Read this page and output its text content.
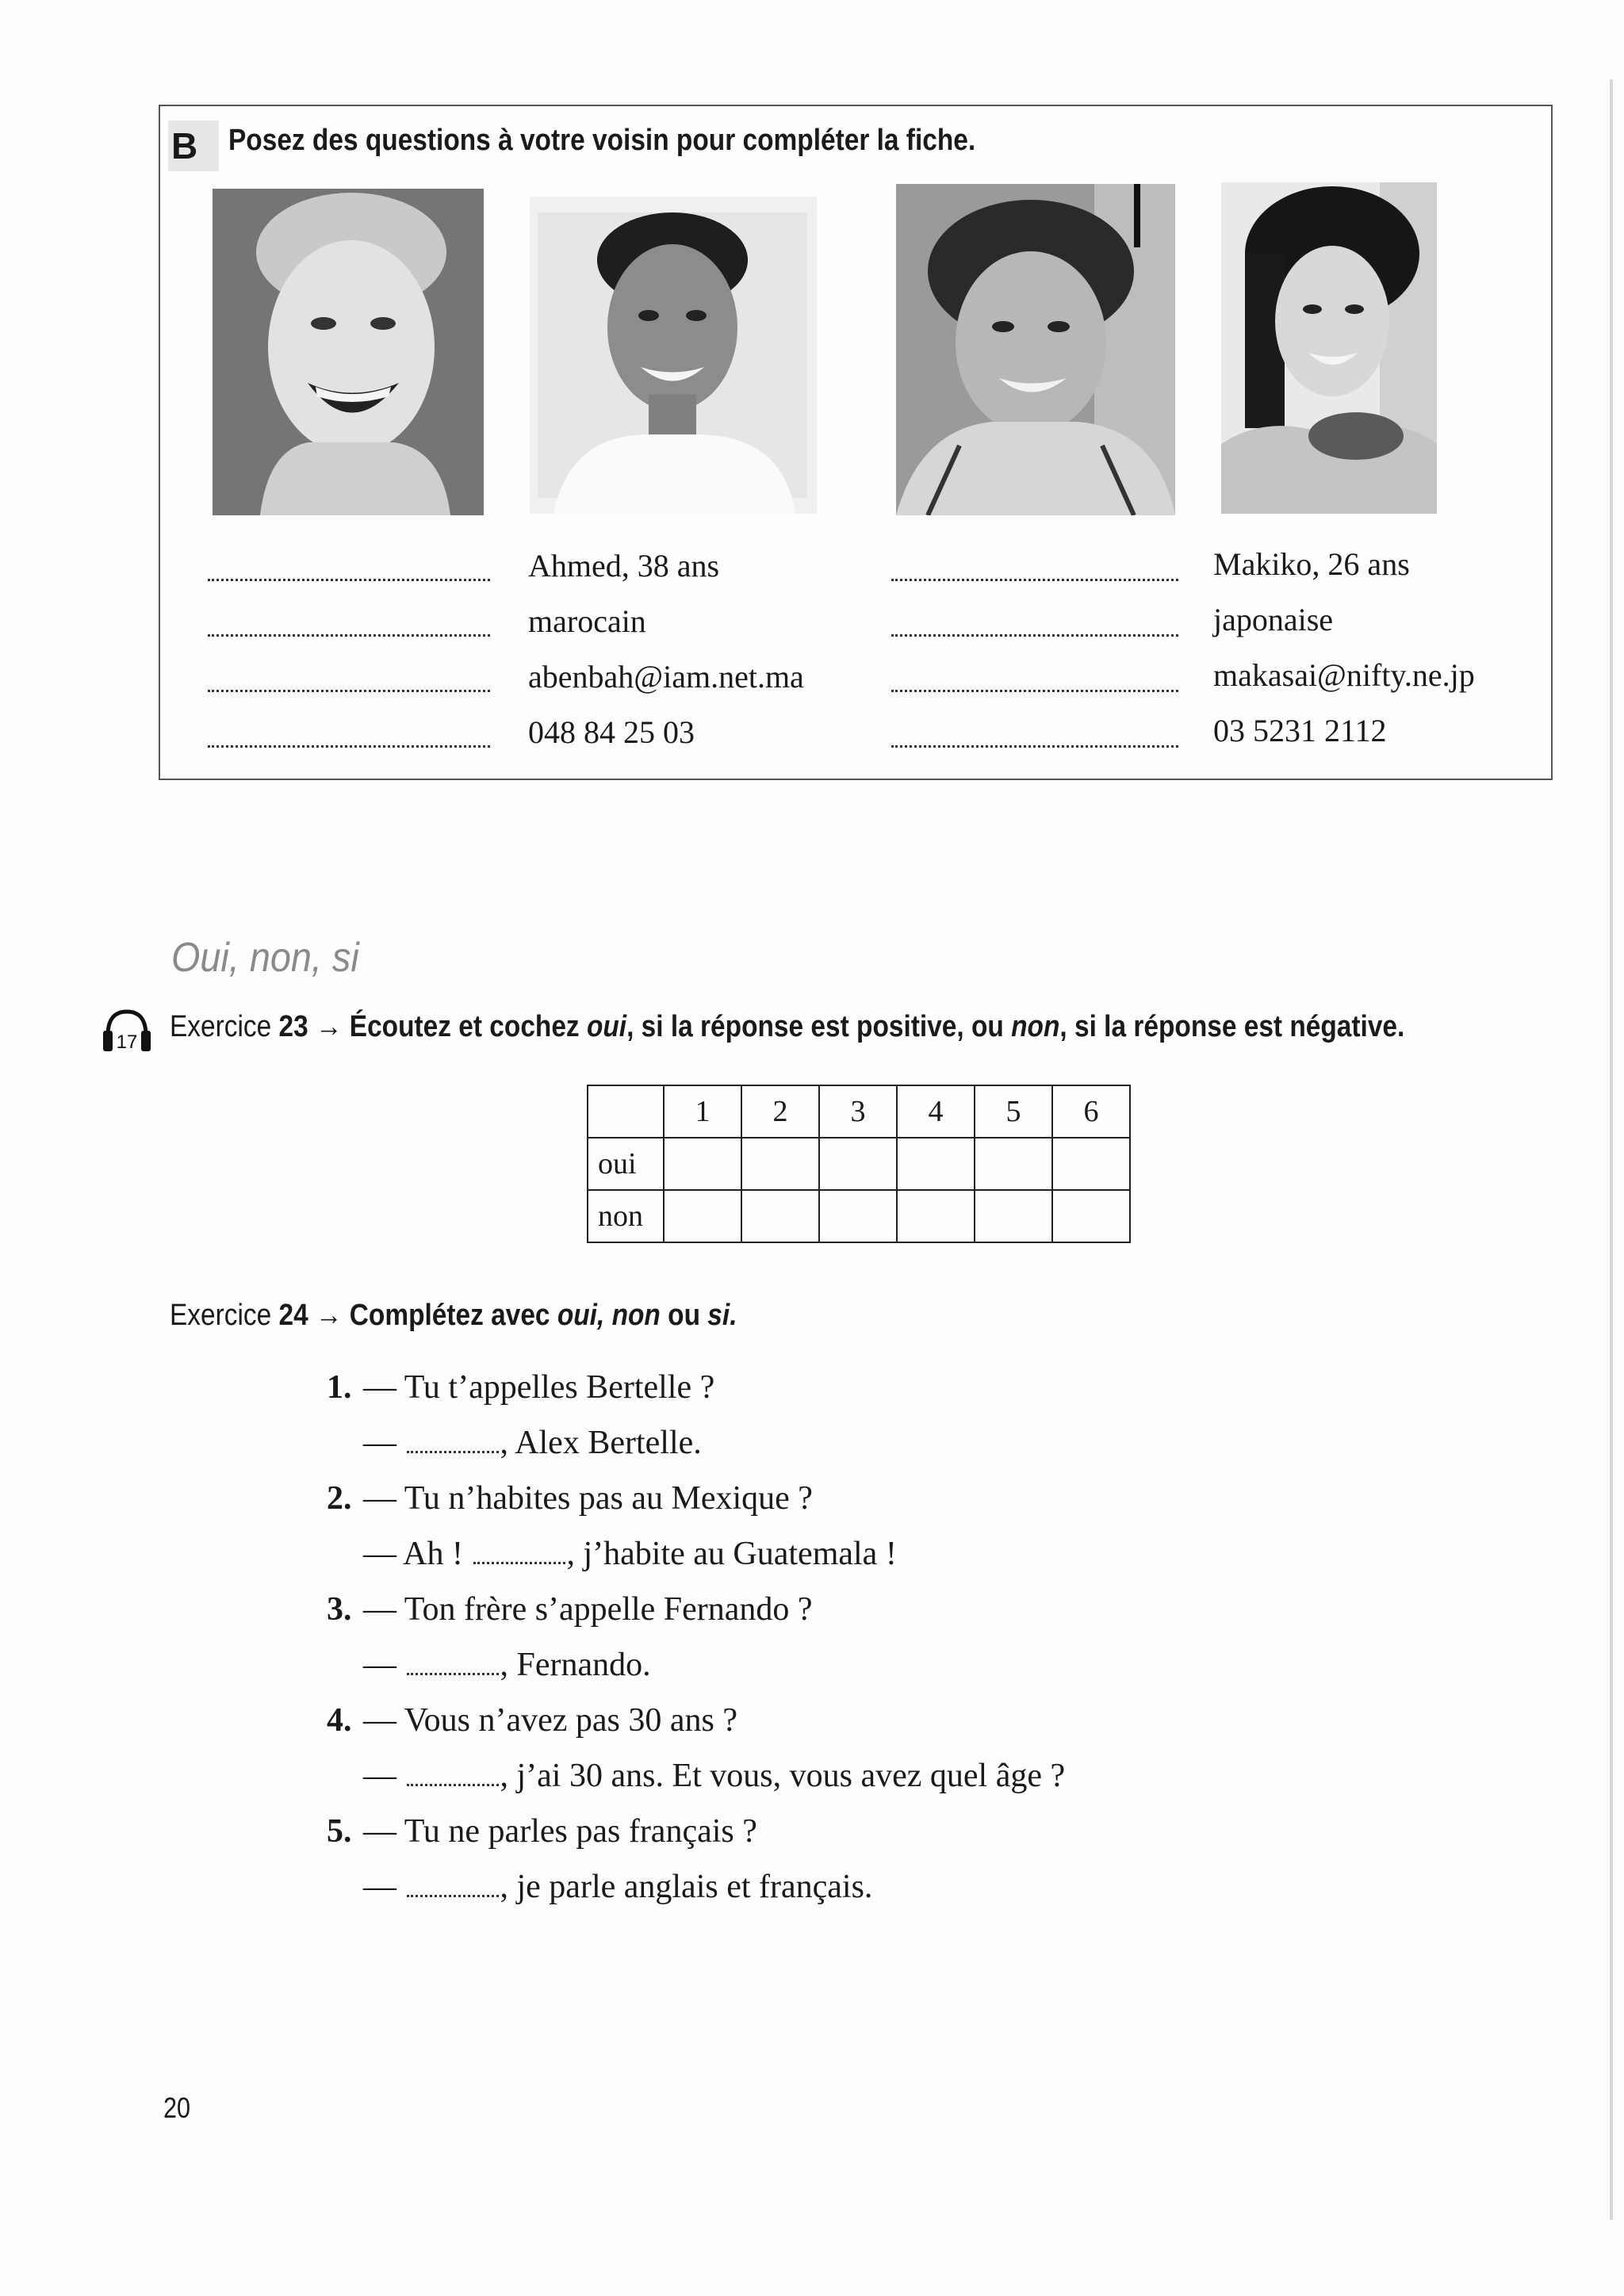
B	Posez des questions à votre voisin pour compléter la fiche.
Ahmed, 38 ans
marocain
abenbah@iam.net.ma
048 84 25 03
Makiko, 26 ans
japonaise
makasai@nifty.ne.jp
03 5231 2112
Oui, non, si
17 Exercice 23 → Écoutez et cochez oui, si la réponse est positive, ou non, si la réponse est négative.
	1	2	3	4	5	6
oui						
non						
Exercice 24 → Complétez avec oui, non ou si.
1. — Tu t’appelles Bertelle ?
—	, Alex Bertelle.
2. — Tu n’habites pas au Mexique ?
— Ah !	, j’habite au Guatemala !
3. — Ton frère s’appelle Fernando ?
—	, Fernando.
4. — Vous n’avez pas 30 ans ?
—	, j’ai 30 ans. Et vous, vous avez quel âge ?
5. — Tu ne parles pas français ?
—	, je parle anglais et français.
20
